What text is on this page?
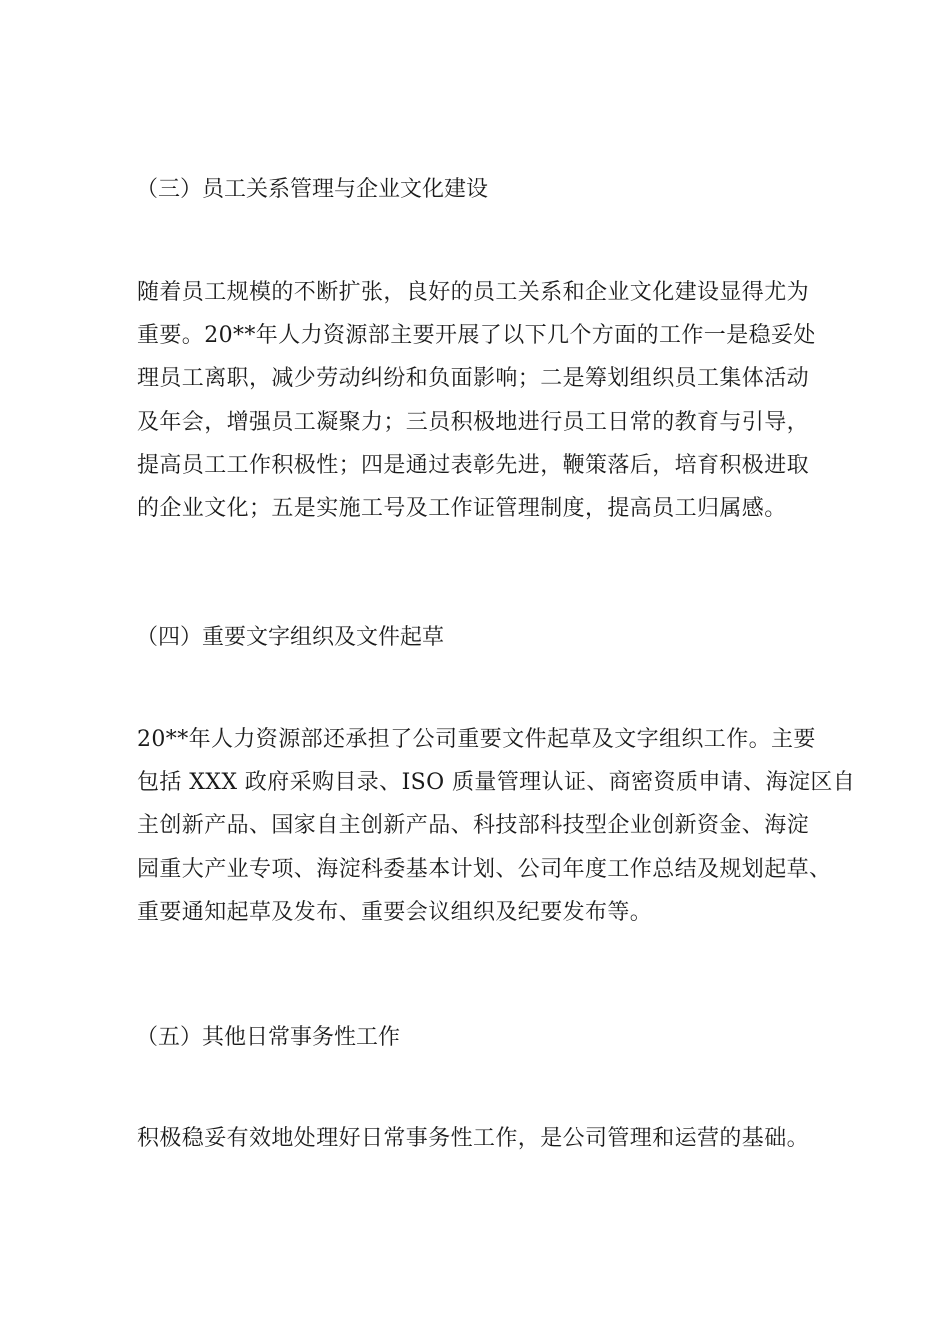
（三）员工关系管理与企业文化建设
随着员工规模的不断扩张，良好的员工关系和企业文化建设显得尤为
重要。20**年人力资源部主要开展了以下几个方面的工作一是稳妥处
理员工离职，减少劳动纠纷和负面影响；二是筹划组织员工集体活动
及年会，增强员工凝聚力；三员积极地进行员工日常的教育与引导，
提高员工工作积极性；四是通过表彰先进，鞭策落后，培育积极进取
的企业文化；五是实施工号及工作证管理制度，提高员工归属感。
（四）重要文字组织及文件起草
20**年人力资源部还承担了公司重要文件起草及文字组织工作。主要
包括 XXX 政府采购目录、ISO 质量管理认证、商密资质申请、海淀区自
主创新产品、国家自主创新产品、科技部科技型企业创新资金、海淀
园重大产业专项、海淀科委基本计划、公司年度工作总结及规划起草、
重要通知起草及发布、重要会议组织及纪要发布等。
（五）其他日常事务性工作
积极稳妥有效地处理好日常事务性工作，是公司管理和运营的基础。
